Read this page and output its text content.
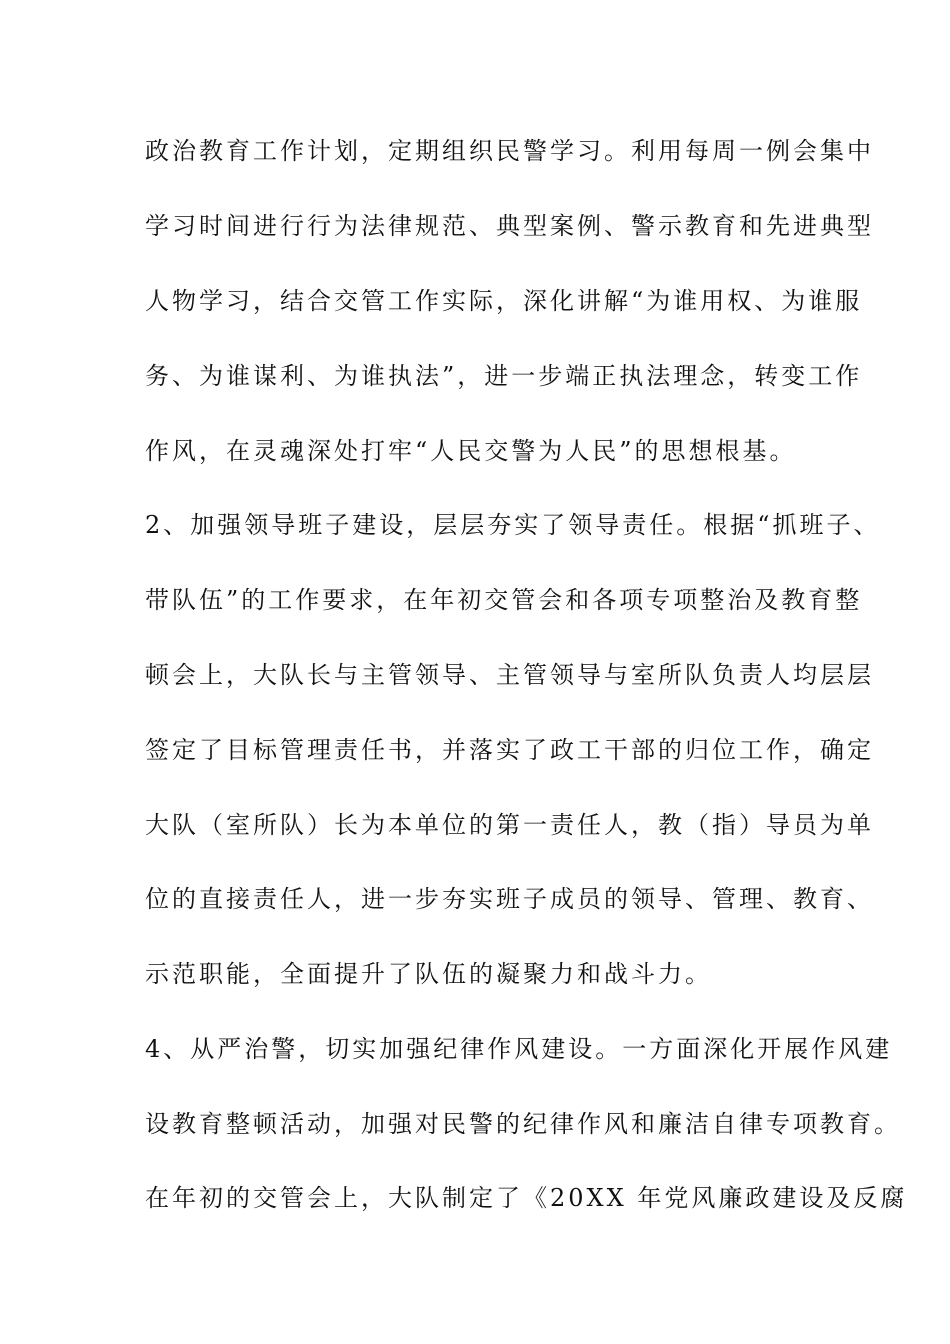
政治教育工作计划，定期组织民警学习。利用每周一例会集中
学习时间进行行为法律规范、典型案例、警示教育和先进典型
人物学习，结合交管工作实际，深化讲解“为谁用权、为谁服
务、为谁谋利、为谁执法”，进一步端正执法理念，转变工作
作风，在灵魂深处打牢“人民交警为人民”的思想根基。
2、加强领导班子建设，层层夯实了领导责任。根据“抓班子、
带队伍”的工作要求，在年初交管会和各项专项整治及教育整
顿会上，大队长与主管领导、主管领导与室所队负责人均层层
签定了目标管理责任书，并落实了政工干部的归位工作，确定
大队（室所队）长为本单位的第一责任人，教（指）导员为单
位的直接责任人，进一步夯实班子成员的领导、管理、教育、
示范职能，全面提升了队伍的凝聚力和战斗力。
4、从严治警，切实加强纪律作风建设。一方面深化开展作风建
设教育整顿活动，加强对民警的纪律作风和廉洁自律专项教育。
在年初的交管会上，大队制定了《20XX 年党风廉政建设及反腐
